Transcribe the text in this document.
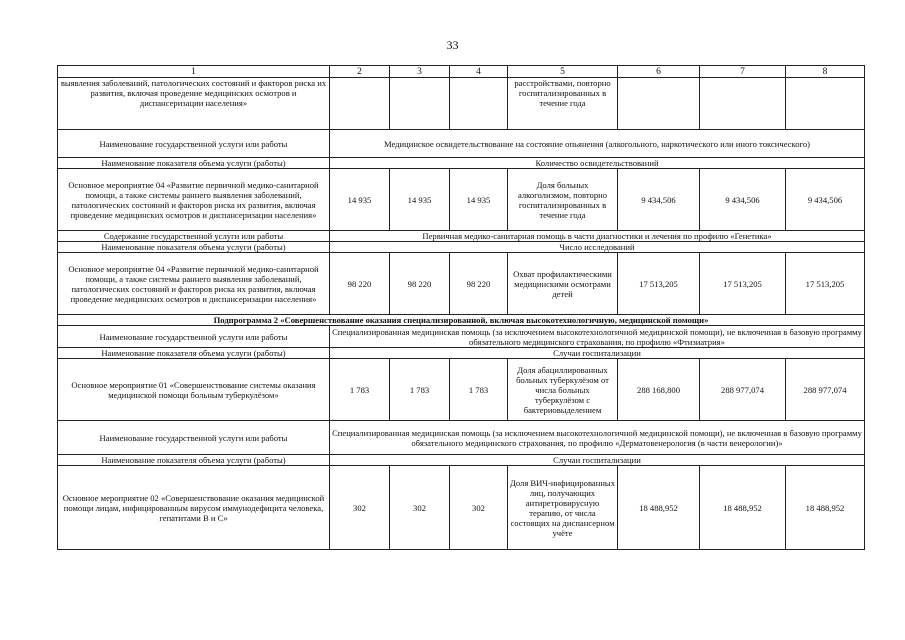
33
1	2	3	4	5	6	7	8
выявления заболеваний, патологических состояний и факторов риска их развития, включая проведение медицинских осмотров и диспансеризации населения»				расстройствами, повторно госпитализированных в течение года			
Наименование государственной услуги или работы	Медицинское освидетельствование на состояние опьянения (алкогольного, наркотического или иного токсического)						
Наименование показателя объема услуги (работы)	Количество освидетельствований						
Основное мероприятие 04 «Развитие первичной медико-санитарной помощи, а также системы раннего выявления заболеваний, патологических состояний и факторов риска их развития, включая проведение медицинских осмотров и диспансеризации населения»	14 935	14 935	14 935	Доля больных алкоголизмом, повторно госпитализированных в течение года	9 434,506	9 434,506	9 434,506
Содержание государственной услуги или работы	Первичная медико-санитарная помощь в части диагностики и лечения по профилю «Генетика»						
Наименование показателя объема услуги (работы)	Число исследований						
Основное мероприятие 04 «Развитие первичной медико-санитарной помощи, а также системы раннего выявления заболеваний, патологических состояний и факторов риска их развития, включая проведение медицинских осмотров и диспансеризации населения»	98 220	98 220	98 220	Охват профилактическими медицинскими осмотрами детей	17 513,205	17 513,205	17 513,205
Подпрограмма 2 «Совершенствование оказания специализированной, включая высокотехнологичную, медицинской помощи»							
Наименование государственной услуги или работы	Специализированная медицинская помощь (за исключением высокотехнологичной медицинской помощи), не включенная в базовую программу обязательного медицинского страхования, по профилю «Фтизиатрия»						
Наименование показателя объема услуги (работы)	Случаи госпитализации						
Основное мероприятие 01 «Совершенствование системы оказания медицинской помощи больным туберкулёзом»	1 783	1 783	1 783	Доля абациллированных больных туберкулёзом от числа больных туберкулёзом с бактериовыделением	288 168,800	288 977,074	288 977,074
Наименование государственной услуги или работы	Специализированная медицинская помощь (за исключением высокотехнологичной медицинской помощи), не включенная в базовую программу обязательного медицинского страхования, по профилю «Дерматовенерология (в части венерологии)»						
Наименование показателя объема услуги (работы)	Случаи госпитализации						
Основное мероприятие 02 «Совершенствование оказания медицинской помощи лицам, инфицированным вирусом иммунодефицита человека, гепатитами В и С»	302	302	302	Доля ВИЧ-инфицированных лиц, получающих антиретровирусную терапию, от числа состоящих на диспансерном учёте	18 488,952	18 488,952	18 488,952
